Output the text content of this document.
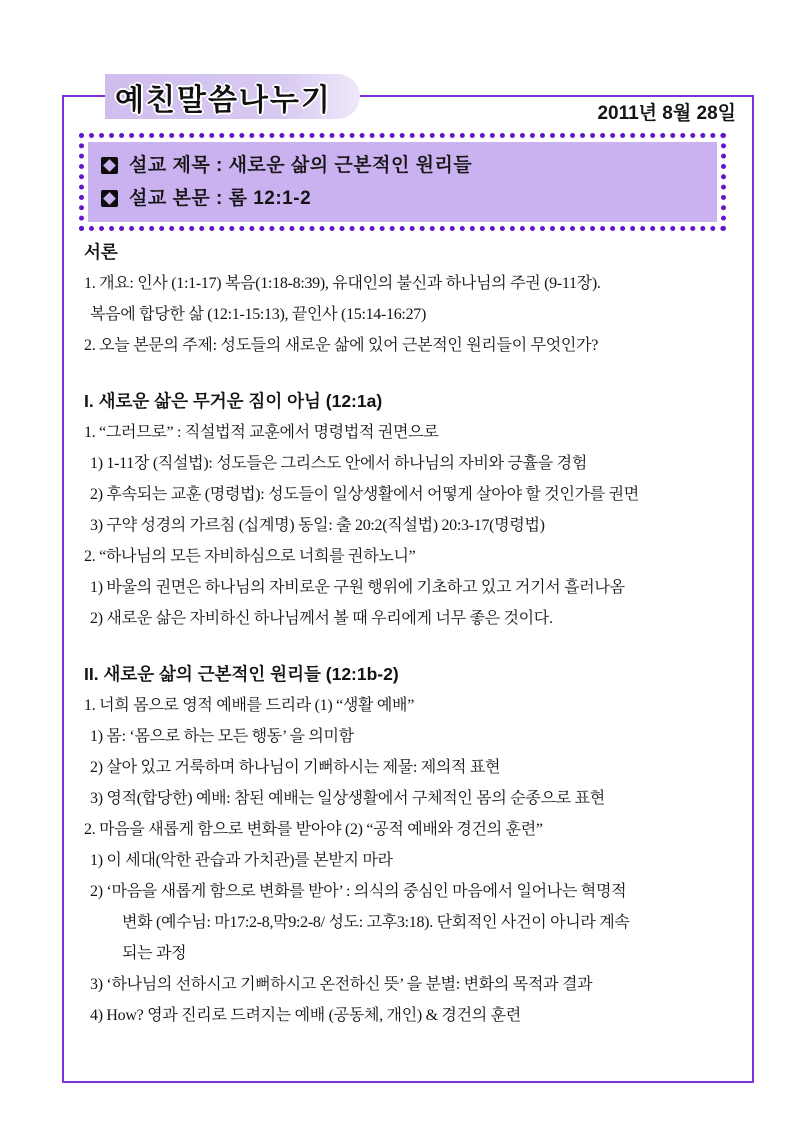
예친말씀나누기	2011년 8월 28일
설교 제목 : 새로운 삶의 근본적인 원리들
설교 본문 : 롬 12:1-2
서론
1. 개요: 인사 (1:1-17) 복음(1:18-8:39), 유대인의 불신과 하나님의 주권 (9-11장).
복음에 합당한 삶 (12:1-15:13), 끝인사 (15:14-16:27)
2. 오늘 본문의 주제: 성도들의 새로운 삶에 있어 근본적인 원리들이 무엇인가?
I. 새로운 삶은 무거운 짐이 아님 (12:1a)
1. “그러므로” : 직설법적 교훈에서 명령법적 권면으로
1) 1-11장 (직설법): 성도들은 그리스도 안에서 하나님의 자비와 긍휼을 경험
2) 후속되는 교훈 (명령법): 성도들이 일상생활에서 어떻게 살아야 할 것인가를 권면
3) 구약 성경의 가르침 (십계명) 동일: 출 20:2(직설법) 20:3-17(명령법)
2. “하나님의 모든 자비하심으로 너희를 권하노니”
1) 바울의 권면은 하나님의 자비로운 구원 행위에 기초하고 있고 거기서 흘러나옴
2) 새로운 삶은 자비하신 하나님께서 볼 때 우리에게 너무 좋은 것이다.
II. 새로운 삶의 근본적인 원리들 (12:1b-2)
1. 너희 몸으로 영적 예배를 드리라 (1) “생활 예배”
1) 몸: ‘몸으로 하는 모든 행동’ 을 의미함
2) 살아 있고 거룩하며 하나님이 기뻐하시는 제물: 제의적 표현
3) 영적(합당한) 예배: 참된 예배는 일상생활에서 구체적인 몸의 순종으로 표현
2. 마음을 새롭게 함으로 변화를 받아야 (2) “공적 예배와 경건의 훈련”
1) 이 세대(악한 관습과 가치관)를 본받지 마라
2) ‘마음을 새롭게 함으로 변화를 받아’ : 의식의 중심인 마음에서 일어나는 혁명적
변화 (예수님: 마17:2-8,막9:2-8/ 성도: 고후3:18). 단회적인 사건이 아니라 계속
되는 과정
3) ‘하나님의 선하시고 기뻐하시고 온전하신 뜻’ 을 분별: 변화의 목적과 결과
4) How? 영과 진리로 드려지는 예배 (공동체, 개인) & 경건의 훈련
